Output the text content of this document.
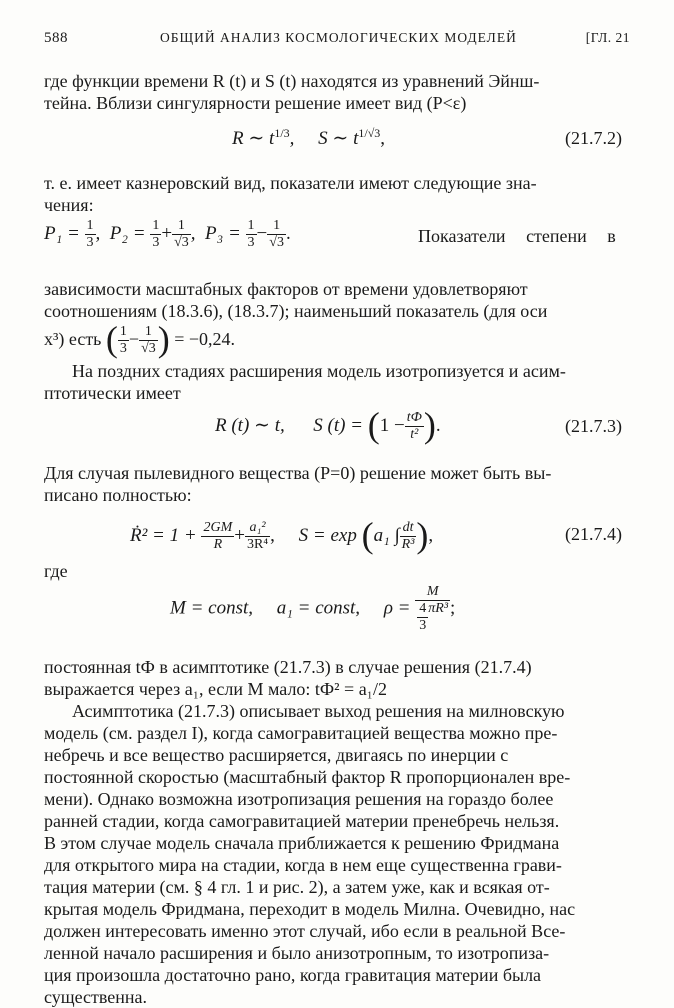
588	ОБЩИЙ АНАЛИЗ КОСМОЛОГИЧЕСКИХ МОДЕЛЕЙ	[ГЛ. 21
где функции времени R (t) и S (t) находятся из уравнений Эйнш-
тейна. Вблизи сингулярности решение имеет вид (P<ε)
R ∼ $t^{1/3}$,     S ∼ $t^{1/√3}$,	(21.7.2)
т. е. имеет казнеровский вид, показатели имеют следующие зна-
чения:
$P_1 = \frac{1}{3}$ ,  $P_2 = \frac{1}{3} + \frac{1}{√3}$ ,  $P_3 = \frac{1}{3} - \frac{1}{√3}$ .	Показатели степени в
зависимости масштабных факторов от времени удовлетворяют
соотношениям (18.3.6), (18.3.7); наименьший показатель (для оси
x³) есть ( $\frac{1}{3} - \frac{1}{√3}$ ) = −0,24.
На поздних стадиях расширения модель изотропизуется и асим-
птотически имеет
R (t) ∼ t, S $(t) = (1 - \frac{tФ}{\text{t²}}$ ).	(21.7.3)
Для случая пылевидного вещества (P=0) решение может быть вы-
писано полностью:
Ṙ² = $1 + \frac{2GM}{R} + \frac{\text{a₁²}}{\text{3R⁴}}$ , S = exp (a₁ ∫ $\frac{dt}{\text{R³}}$ ),	(21.7.4)
где
M = const, a₁ = const, $\rho = \frac{M}{\frac{4}{3} \pi R^3}$ ;
постоянная tФ в асимптотике (21.7.3) в случае решения (21.7.4)
выражается через a₁, если M мало: tФ² = a₁/2
Асимптотика (21.7.3) описывает выход решения на милновскую
модель (см. раздел I), когда самогравитацией вещества можно пре-
небречь и все вещество расширяется, двигаясь по инерции с
постоянной скоростью (масштабный фактор R пропорционален вре-
мени). Однако возможна изотропизация решения на гораздо более
ранней стадии, когда самогравитацией материи пренебречь нельзя.
В этом случае модель сначала приближается к решению Фридмана
для открытого мира на стадии, когда в нем еще существенна грави-
тация материи (см. § 4 гл. 1 и рис. 2), а затем уже, как и всякая от-
крытая модель Фридмана, переходит в модель Милна. Очевидно, нас
должен интересовать именно этот случай, ибо если в реальной Все-
ленной начало расширения и было анизотропным, то изотропиза-
ция произошла достаточно рано, когда гравитация материи была
существенна.
